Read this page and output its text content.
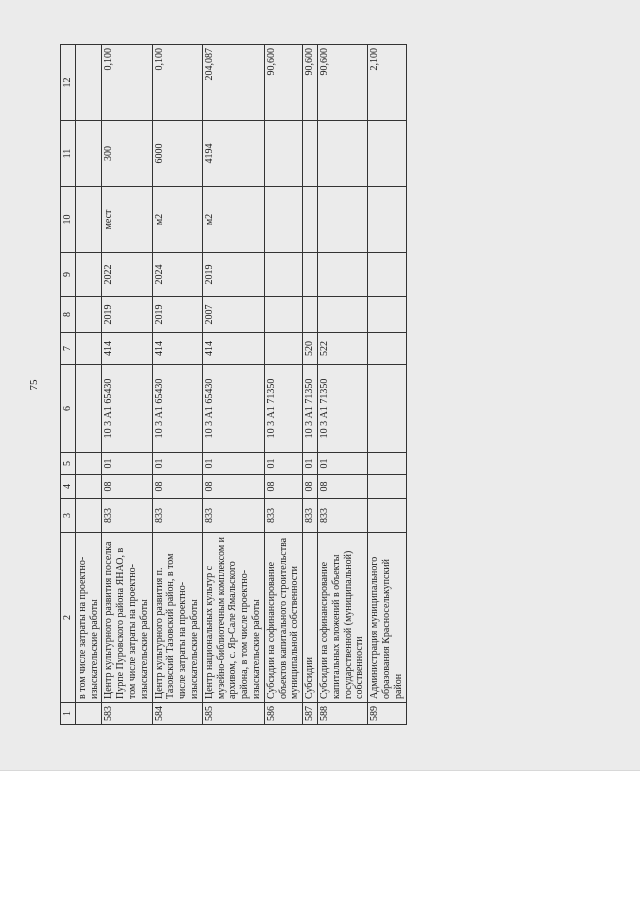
75
1	2	3	4	5	6	7	8	9	10	11	12
	в том числе затраты на проектно-изыскательские работы										
583	Центр культурного развития поселка Пурпе Пуровского района ЯНАО, в том числе затраты на проектно-изыскательские работы	833	08	01	10 3 А1 65430	414	2019	2022	мест	300	0,100
584	Центр культурного развития п. Тазовский Тазовский район, в том числе затраты на проектно-изыскательские работы	833	08	01	10 3 А1 65430	414	2019	2024	м2	6000	0,100
585	Центр национальных культур с музейно-библиотечным комплексом и архивом, с. Яр-Сале Ямальского района, в том числе проектно-изыскательские работы	833	08	01	10 3 А1 65430	414	2007	2019	м2	4194	204,087
586	Субсидии на софинансирование объектов капитального строительства муниципальной собственности	833	08	01	10 3 А1 71350						90,600
587	Субсидии	833	08	01	10 3 А1 71350	520					90,600
588	Субсидии на софинансирование капитальных вложений в объекты государственной (муниципальной) собственности	833	08	01	10 3 А1 71350	522					90,600
589	Администрация муниципального образования Красноселькупский район										2,100
